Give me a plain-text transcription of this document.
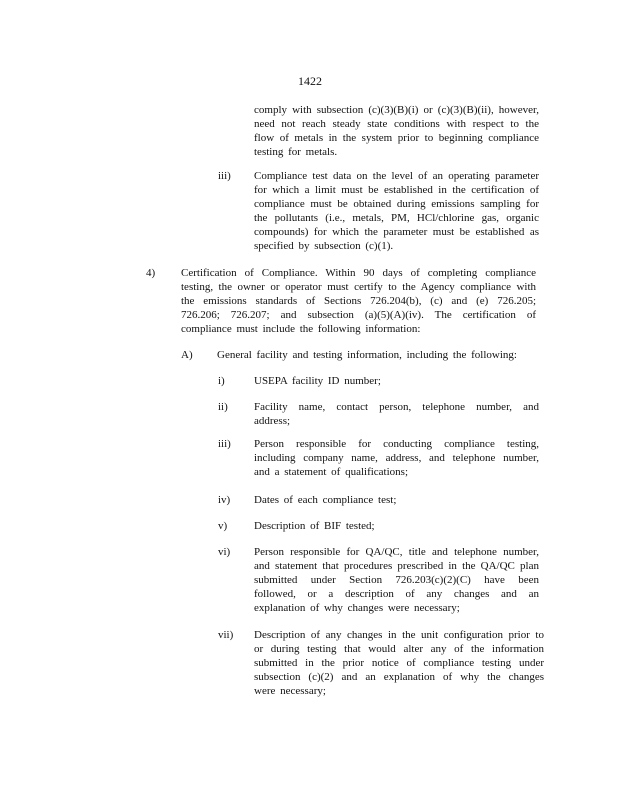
1422
comply with subsection (c)(3)(B)(i) or (c)(3)(B)(ii), however, need not reach steady state conditions with respect to the flow of metals in the system prior to beginning compliance testing for metals.
iii) Compliance test data on the level of an operating parameter for which a limit must be established in the certification of compliance must be obtained during emissions sampling for the pollutants (i.e., metals, PM, HCl/chlorine gas, organic compounds) for which the parameter must be established as specified by subsection (c)(1).
4) Certification of Compliance. Within 90 days of completing compliance testing, the owner or operator must certify to the Agency compliance with the emissions standards of Sections 726.204(b), (c) and (e) 726.205; 726.206; 726.207; and subsection (a)(5)(A)(iv). The certification of compliance must include the following information:
A) General facility and testing information, including the following:
i)	USEPA facility ID number;
ii) Facility name, contact person, telephone number, and address;
iii) Person responsible for conducting compliance testing, including company name, address, and telephone number, and a statement of qualifications;
iv) Dates of each compliance test;
v) Description of BIF tested;
vi) Person responsible for QA/QC, title and telephone number, and statement that procedures prescribed in the QA/QC plan submitted under Section 726.203(c)(2)(C) have been followed, or a description of any changes and an explanation of why changes were necessary;
vii) Description of any changes in the unit configuration prior to or during testing that would alter any of the information submitted in the prior notice of compliance testing under subsection (c)(2) and an explanation of why the changes were necessary;
